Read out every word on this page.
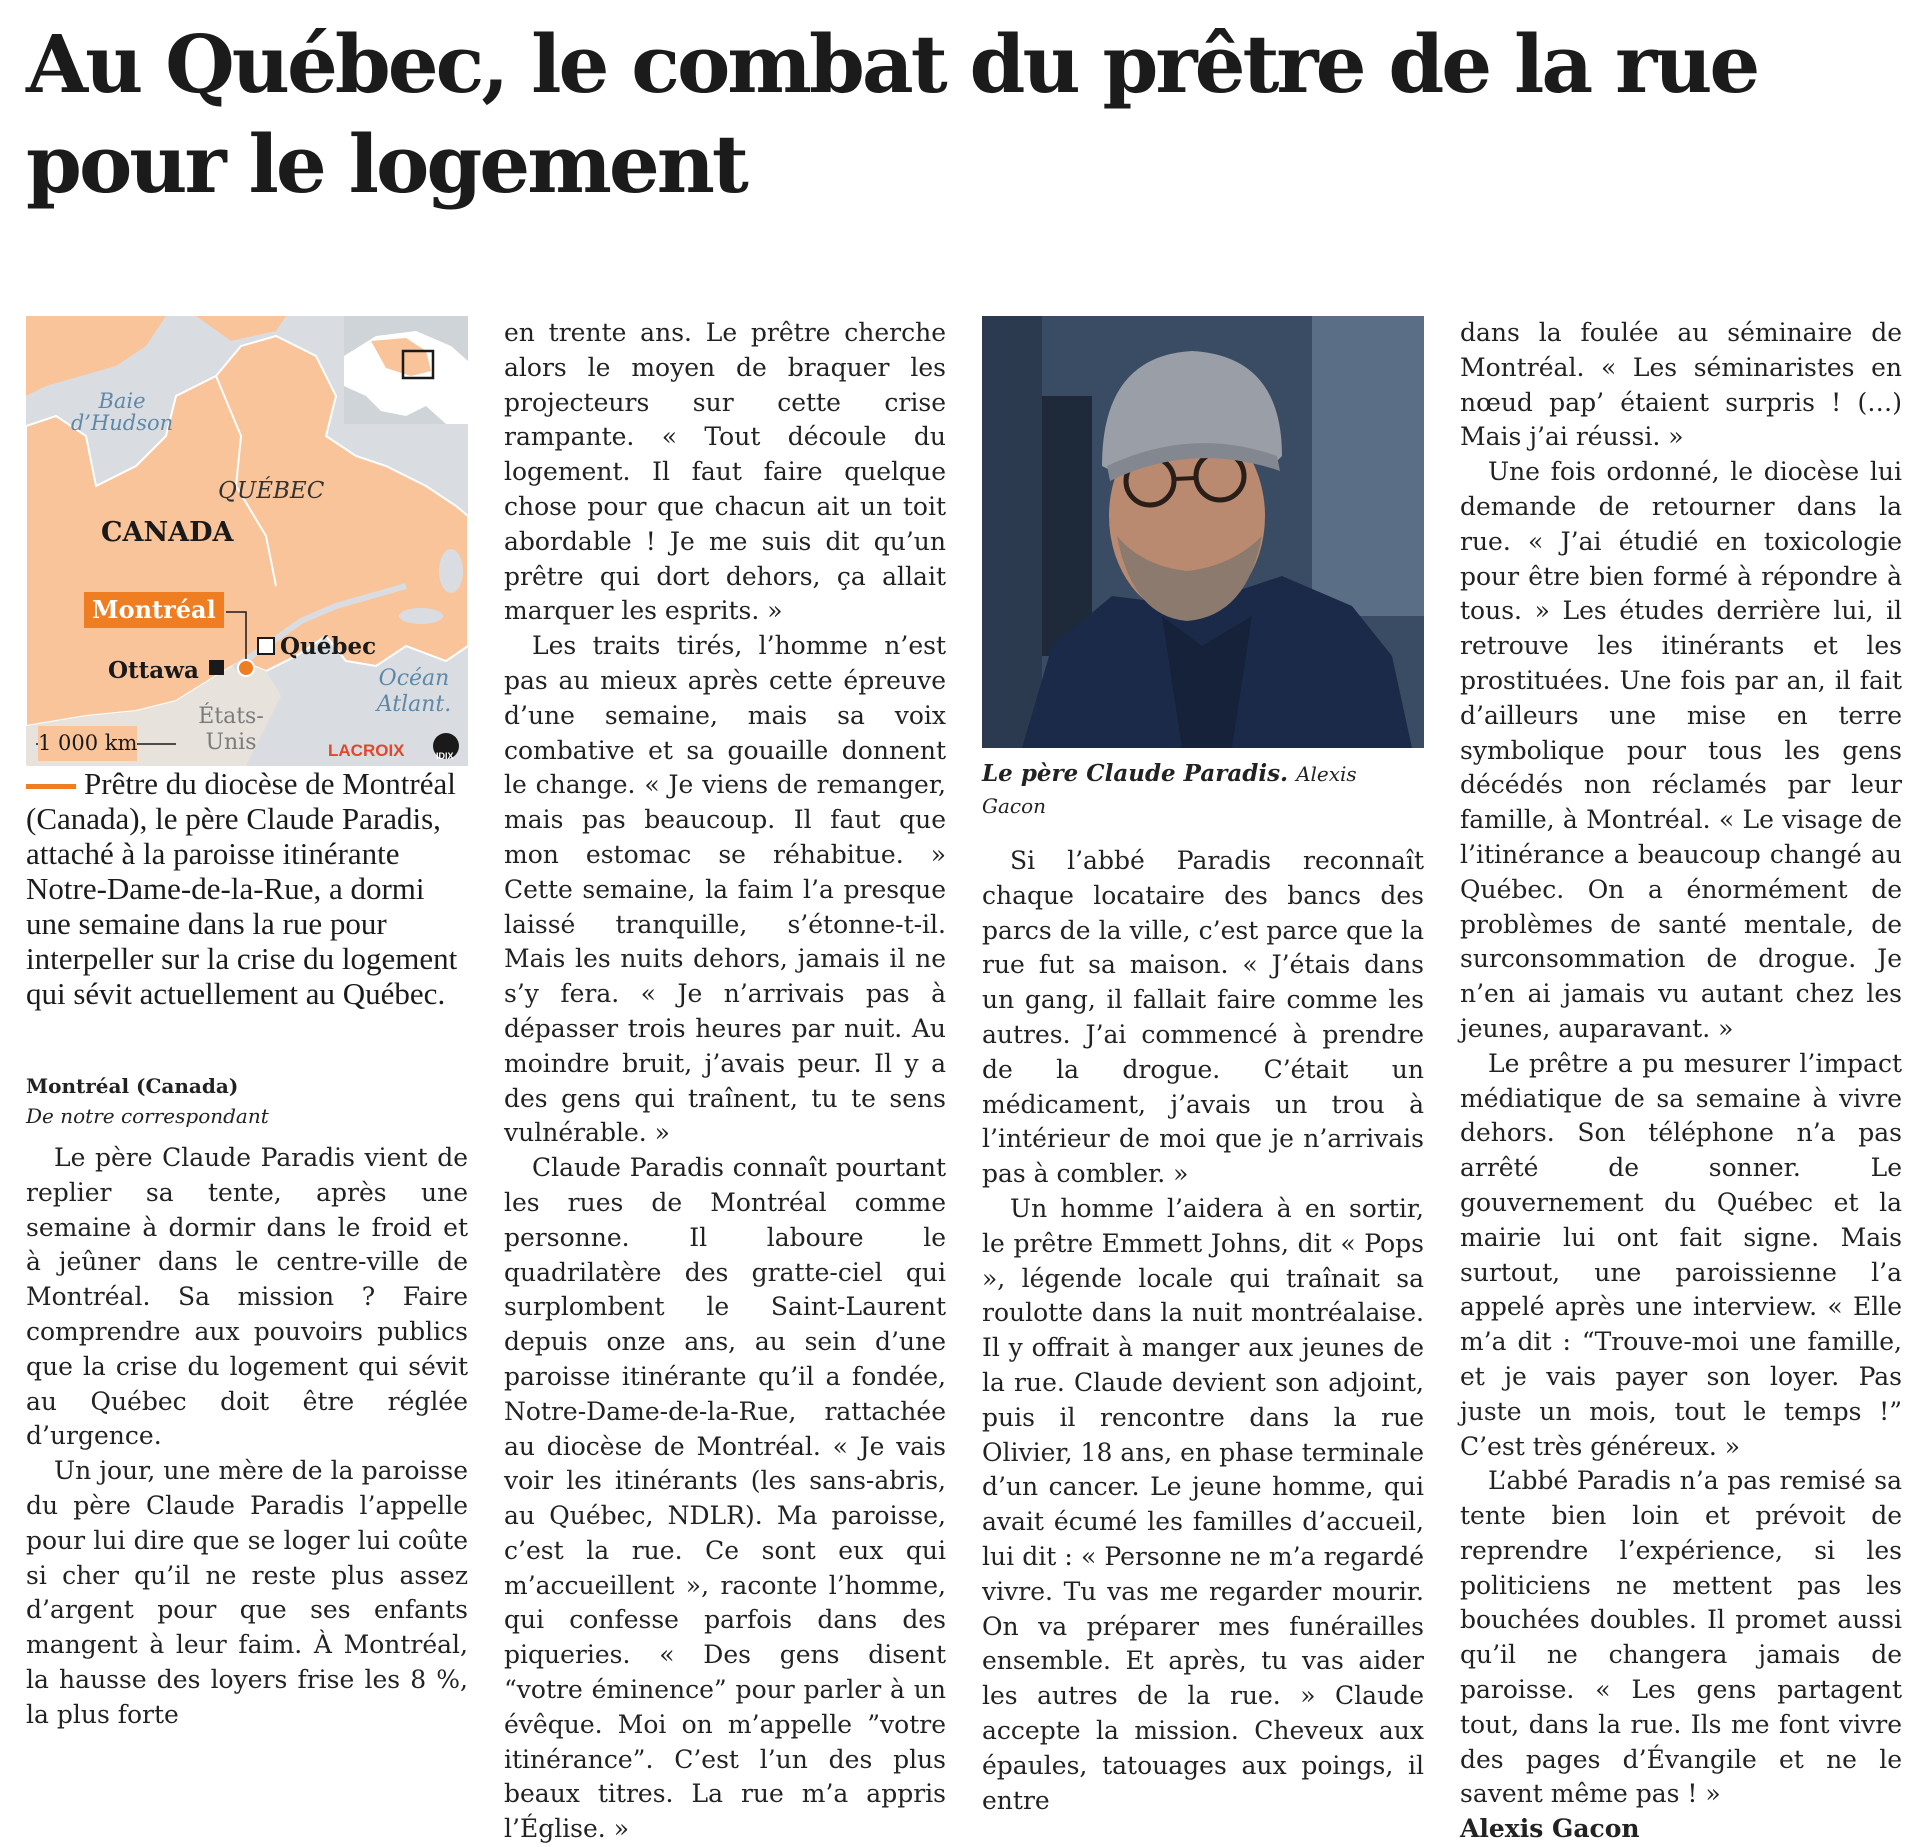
Au Québec, le combat du prêtre de la rue pour le logement
Baie d’Hudson
QUÉBEC
CANADA
Montréal
Ottawa
Québec
Océan Atlant.
États-Unis
1 000 km	LACROIX	IDIX

Prêtre du diocèse de Montréal (Canada), le père Claude Paradis, attaché à la paroisse itinérante Notre-Dame-de-la-Rue, a dormi une semaine dans la rue pour interpeller sur la crise du logement qui sévit actuellement au Québec.

Montréal (Canada)
De notre correspondant

Le père Claude Paradis vient de replier sa tente, après une semaine à dormir dans le froid et à jeûner dans le centre-ville de Montréal. Sa mission ? Faire comprendre aux pouvoirs publics que la crise du logement qui sévit au Québec doit être réglée d’urgence.

Un jour, une mère de la paroisse du père Claude Paradis l’appelle pour lui dire que se loger lui coûte si cher qu’il ne reste plus assez d’argent pour que ses enfants mangent à leur faim. À Montréal, la hausse des loyers frise les 8 %, la plus forte

en trente ans. Le prêtre cherche alors le moyen de braquer les projecteurs sur cette crise rampante. « Tout découle du logement. Il faut faire quelque chose pour que chacun ait un toit abordable ! Je me suis dit qu’un prêtre qui dort dehors, ça allait marquer les esprits. »

Les traits tirés, l’homme n’est pas au mieux après cette épreuve d’une semaine, mais sa voix combative et sa gouaille donnent le change. « Je viens de remanger, mais pas beaucoup. Il faut que mon estomac se réhabitue. » Cette semaine, la faim l’a presque laissé tranquille, s’étonne-t-il. Mais les nuits dehors, jamais il ne s’y fera. « Je n’arrivais pas à dépasser trois heures par nuit. Au moindre bruit, j’avais peur. Il y a des gens qui traînent, tu te sens vulnérable. »

Claude Paradis connaît pourtant les rues de Montréal comme personne. Il laboure le quadrilatère des gratte-ciel qui surplombent le Saint-Laurent depuis onze ans, au sein d’une paroisse itinérante qu’il a fondée, Notre-Dame-de-la-Rue, rattachée au diocèse de Montréal. « Je vais voir les itinérants (les sans-abris, au Québec, NDLR). Ma paroisse, c’est la rue. Ce sont eux qui m’accueillent », raconte l’homme, qui confesse parfois dans des piqueries. « Des gens disent “votre éminence” pour parler à un évêque. Moi on m’appelle ”votre itinérance”. C’est l’un des plus beaux titres. La rue m’a appris l’Église. »

Le père Claude Paradis. Alexis Gacon

Si l’abbé Paradis reconnaît chaque locataire des bancs des parcs de la ville, c’est parce que la rue fut sa maison. « J’étais dans un gang, il fallait faire comme les autres. J’ai commencé à prendre de la drogue. C’était un médicament, j’avais un trou à l’intérieur de moi que je n’arrivais pas à combler. »

Un homme l’aidera à en sortir, le prêtre Emmett Johns, dit « Pops », légende locale qui traînait sa roulotte dans la nuit montréalaise. Il y offrait à manger aux jeunes de la rue. Claude devient son adjoint, puis il rencontre dans la rue Olivier, 18 ans, en phase terminale d’un cancer. Le jeune homme, qui avait écumé les familles d’accueil, lui dit : « Personne ne m’a regardé vivre. Tu vas me regarder mourir. On va préparer mes funérailles ensemble. Et après, tu vas aider les autres de la rue. » Claude accepte la mission. Cheveux aux épaules, tatouages aux poings, il entre

dans la foulée au séminaire de Montréal. « Les séminaristes en nœud pap’ étaient surpris ! (…) Mais j’ai réussi. »

Une fois ordonné, le diocèse lui demande de retourner dans la rue. « J’ai étudié en toxicologie pour être bien formé à répondre à tous. » Les études derrière lui, il retrouve les itinérants et les prostituées. Une fois par an, il fait d’ailleurs une mise en terre symbolique pour tous les gens décédés non réclamés par leur famille, à Montréal. « Le visage de l’itinérance a beaucoup changé au Québec. On a énormément de problèmes de santé mentale, de surconsommation de drogue. Je n’en ai jamais vu autant chez les jeunes, auparavant. »

Le prêtre a pu mesurer l’impact médiatique de sa semaine à vivre dehors. Son téléphone n’a pas arrêté de sonner. Le gouvernement du Québec et la mairie lui ont fait signe. Mais surtout, une paroissienne l’a appelé après une interview. « Elle m’a dit : “Trouve-moi une famille, et je vais payer son loyer. Pas juste un mois, tout le temps !” C’est très généreux. »

L’abbé Paradis n’a pas remisé sa tente bien loin et prévoit de reprendre l’expérience, si les politiciens ne mettent pas les bouchées doubles. Il promet aussi qu’il ne changera jamais de paroisse. « Les gens partagent tout, dans la rue. Ils me font vivre des pages d’Évangile et ne le savent même pas ! »

Alexis Gacon
